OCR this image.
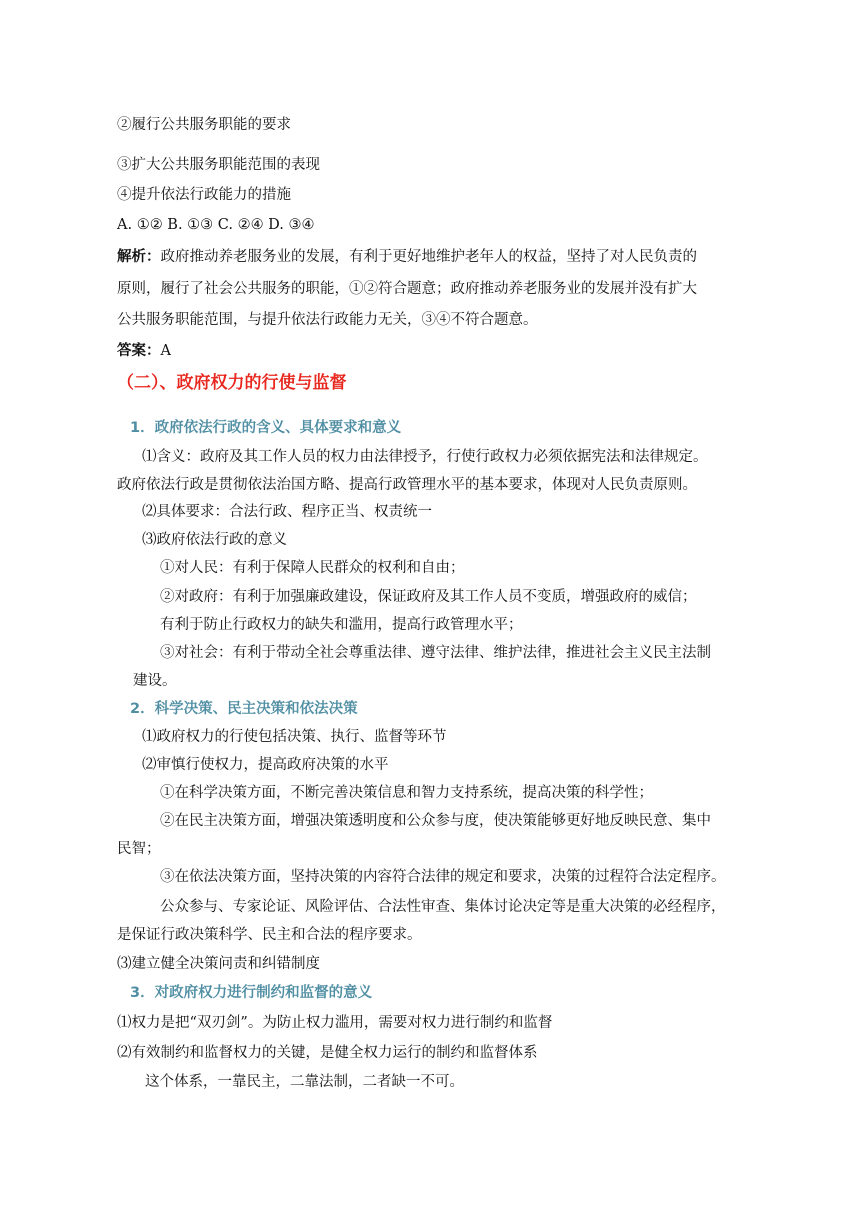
②履行公共服务职能的要求
③扩大公共服务职能范围的表现
④提升依法行政能力的措施
A. ①② B. ①③ C. ②④ D. ③④
解析：政府推动养老服务业的发展，有利于更好地维护老年人的权益，坚持了对人民负责的
原则，履行了社会公共服务的职能，①②符合题意；政府推动养老服务业的发展并没有扩大
公共服务职能范围，与提升依法行政能力无关，③④不符合题意。
答案：A
（二）、政府权力的行使与监督
1．政府依法行政的含义、具体要求和意义
⑴含义：政府及其工作人员的权力由法律授予，行使行政权力必须依据宪法和法律规定。
政府依法行政是贯彻依法治国方略、提高行政管理水平的基本要求，体现对人民负责原则。
⑵具体要求：合法行政、程序正当、权责统一
⑶政府依法行政的意义
①对人民：有利于保障人民群众的权利和自由；
②对政府：有利于加强廉政建设，保证政府及其工作人员不变质，增强政府的威信；
有利于防止行政权力的缺失和滥用，提高行政管理水平；
③对社会：有利于带动全社会尊重法律、遵守法律、维护法律，推进社会主义民主法制
建设。
2．科学决策、民主决策和依法决策
⑴政府权力的行使包括决策、执行、监督等环节
⑵审慎行使权力，提高政府决策的水平
①在科学决策方面，不断完善决策信息和智力支持系统，提高决策的科学性；
②在民主决策方面，增强决策透明度和公众参与度，使决策能够更好地反映民意、集中
民智；
③在依法决策方面，坚持决策的内容符合法律的规定和要求，决策的过程符合法定程序。
公众参与、专家论证、风险评估、合法性审查、集体讨论决定等是重大决策的必经程序，
是保证行政决策科学、民主和合法的程序要求。
⑶建立健全决策问责和纠错制度
3．对政府权力进行制约和监督的意义
⑴权力是把“双刃剑”。为防止权力滥用，需要对权力进行制约和监督
⑵有效制约和监督权力的关键，是健全权力运行的制约和监督体系
这个体系，一靠民主，二靠法制，二者缺一不可。
